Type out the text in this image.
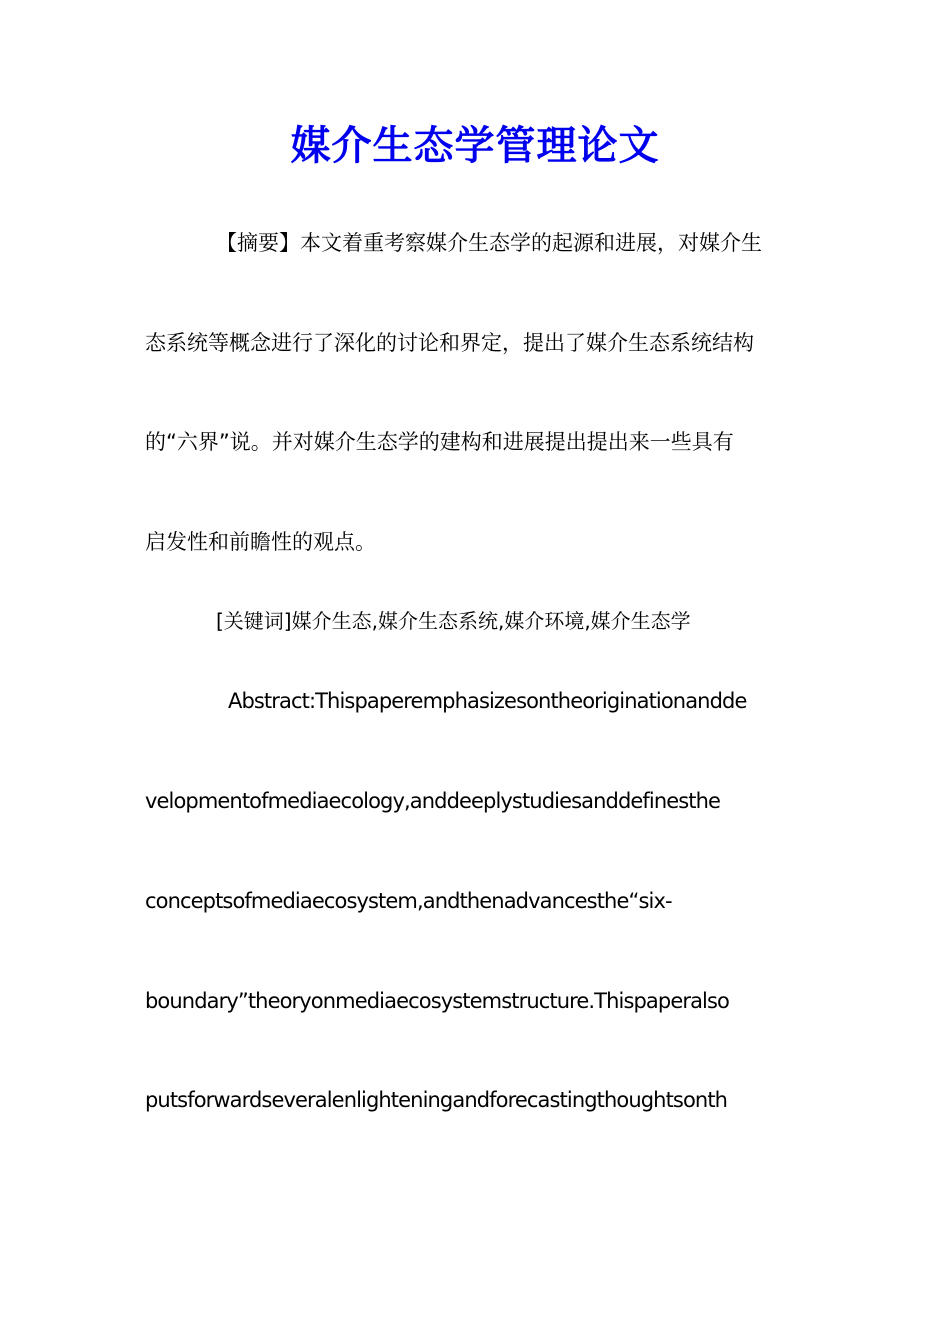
媒介生态学管理论文
【摘要】本文着重考察媒介生态学的起源和进展，对媒介生
态系统等概念进行了深化的讨论和界定，提出了媒介生态系统结构
的“六界”说。并对媒介生态学的建构和进展提出提出来一些具有
启发性和前瞻性的观点。
[关键词]媒介生态,媒介生态系统,媒介环境,媒介生态学
Abstract:Thispaperemphasizesontheoriginationandde
velopmentofmediaecology,anddeeplystudiesanddefinesthe
conceptsofmediaecosystem,andthenadvancesthe“six-
boundary”theoryonmediaecosystemstructure.Thispaperalso
putsforwardseveralenlighteningandforecastingthoughtsonth
